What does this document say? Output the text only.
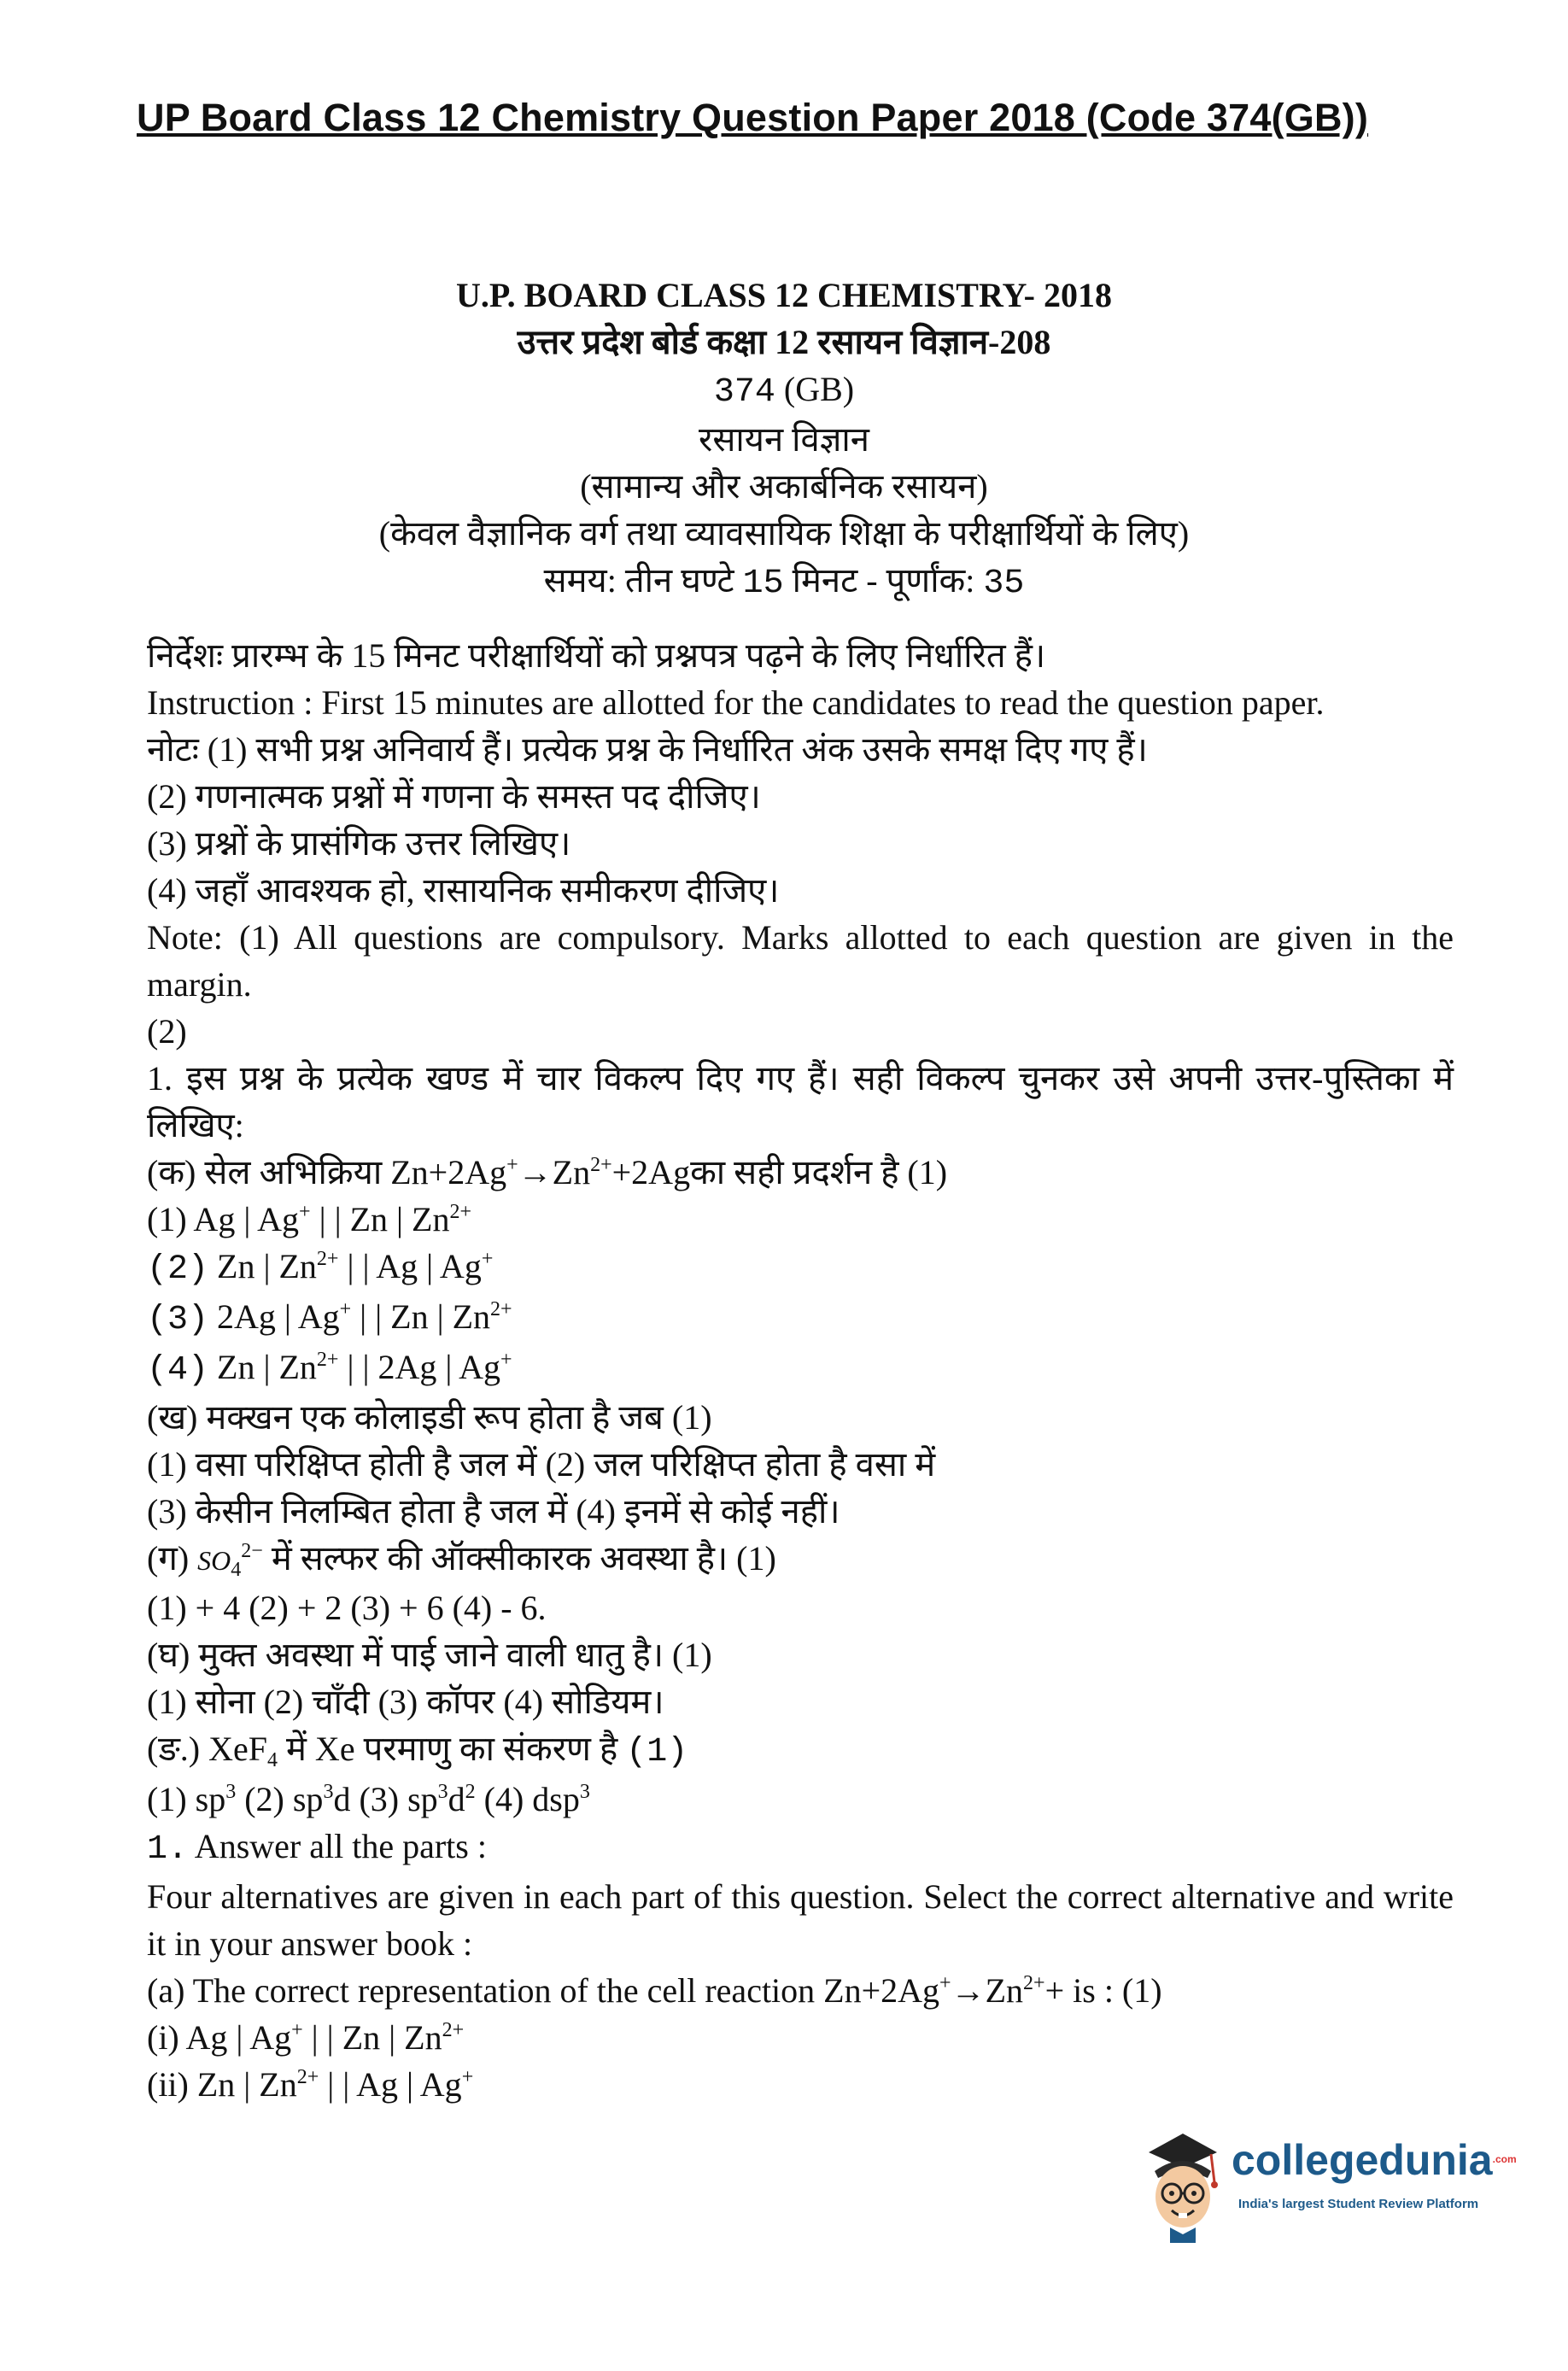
UP Board Class 12 Chemistry Question Paper 2018 (Code 374(GB))
U.P. BOARD CLASS 12 CHEMISTRY- 2018
उत्तर प्रदेश बोर्ड कक्षा 12 रसायन विज्ञान-208
374 (GB)
रसायन विज्ञान
(सामान्य और अकार्बनिक रसायन)
(केवल वैज्ञानिक वर्ग तथा व्यावसायिक शिक्षा के परीक्षार्थियों के लिए)
समय: तीन घण्टे 15 मिनट - पूर्णांक: 35
निर्देशः प्रारम्भ के 15 मिनट परीक्षार्थियों को प्रश्नपत्र पढ़ने के लिए निर्धारित हैं।
Instruction : First 15 minutes are allotted for the candidates to read the question paper.
नोटः (1) सभी प्रश्न अनिवार्य हैं। प्रत्येक प्रश्न के निर्धारित अंक उसके समक्ष दिए गए हैं।
(2) गणनात्मक प्रश्नों में गणना के समस्त पद दीजिए।
(3) प्रश्नों के प्रासंगिक उत्तर लिखिए।
(4) जहाँ आवश्यक हो, रासायनिक समीकरण दीजिए।
Note: (1) All questions are compulsory. Marks allotted to each question are given in the margin.
(2)
1. इस प्रश्न के प्रत्येक खण्ड में चार विकल्प दिए गए हैं। सही विकल्प चुनकर उसे अपनी उत्तर-पुस्तिका में लिखिए:
(क) सेल अभिक्रिया $Zn+2Ag^+\to Zn^{2+}+2Agका$ सही प्रदर्शन है (1)
(1) Ag | Ag+ | | Zn | $Zn^{2+}$
(2) Zn | $Zn^{2+}$ | | Ag | Ag+
(3) 2Ag | Ag+ | | Zn | $Zn^{2+}$
(4) Zn | $Zn^{2+}$ | | 2Ag | Ag+
(ख) मक्खन एक कोलाइडी रूप होता है जब (1)
(1) वसा परिक्षिप्त होती है जल में (2) जल परिक्षिप्त होता है वसा में
(3) केसीन निलम्बित होता है जल में (4) इनमें से कोई नहीं।
(ग) $SO_4^{2-}$ में सल्फर की ऑक्सीकारक अवस्था है। (1)
(1) + 4 (2) + 2 (3) + 6 (4) - 6.
(घ) मुक्त अवस्था में पाई जाने वाली धातु है। (1)
(1) सोना (2) चाँदी (3) कॉपर (4) सोडियम।
(ङ.) XeF$_4$ में Xe परमाणु का संकरण है (1)
(1) $sp^3$ (2) $sp^3d$ (3) $sp^3d^2$ (4) dsp$^3$
1. Answer all the parts :
Four alternatives are given in each part of this question. Select the correct alternative and write it in your answer book :
(a) The correct representation of the cell reaction $Zn+2Ag^+\to Zn^{2+}+$ is : (1)
(i) Ag | Ag+ | | Zn | $Zn^{2+}$
(ii) Zn | $Zn^{2+}$ | | Ag | Ag+
collegedunia$^{.com}$
India's largest Student Review Platform
